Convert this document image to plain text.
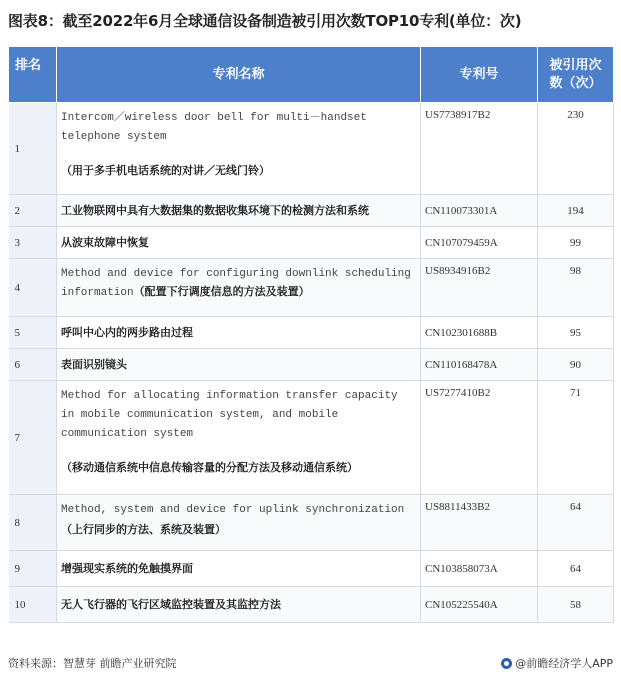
图表8：截至2022年6月全球通信设备制造被引用次数TOP10专利(单位：次)
排名	专利名称	专利号	被引用次
数（次）

1	Intercom／wireless door bell for multi－handset telephone system
（用于多手机电话系统的对讲／无线门铃）	US7738917B2	230
2	工业物联网中具有大数据集的数据收集环境下的检测方法和系统	CN110073301A	194
3	从波束故障中恢复	CN107079459A	99
4	Method and device for configuring downlink scheduling information（配置下行调度信息的方法及装置）	US8934916B2	98
5	呼叫中心内的两步路由过程	CN102301688B	95
6	表面识别镜头	CN110168478A	90
7	Method for allocating information transfer capacity in mobile communication system, and mobile communication system
（移动通信系统中信息传输容量的分配方法及移动通信系统）	US7277410B2	71
8	Method, system and device for uplink synchronization
（上行同步的方法、系统及装置）	US8811433B2	64
9	增强现实系统的免触摸界面	CN103858073A	64
10	无人飞行器的飞行区域监控装置及其监控方法	CN105225540A	58
资料来源：智慧芽 前瞻产业研究院	@前瞻经济学人APP
